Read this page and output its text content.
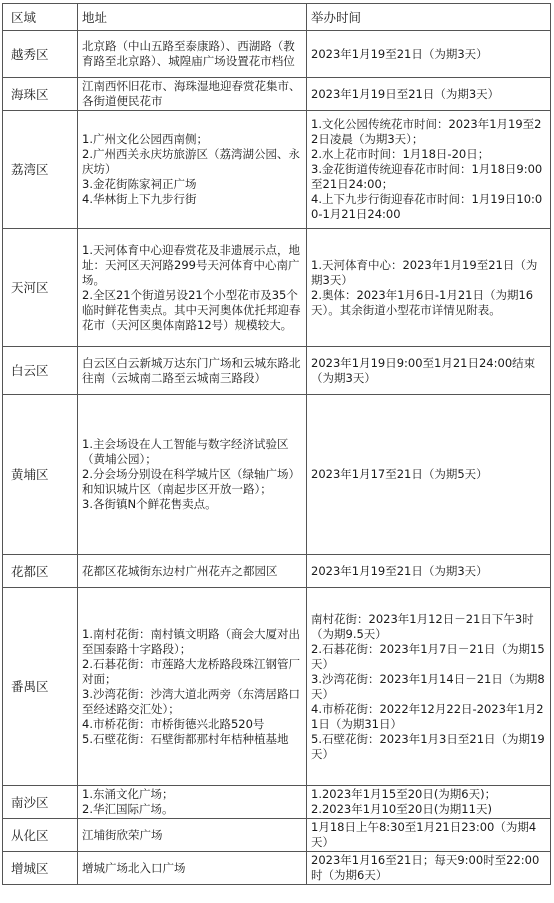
区域	地址	举办时间
越秀区	北京路（中山五路至泰康路）、西湖路（教育路至北京路）、城隍庙广场设置花市档位	2023年1月19至21日（为期3天）

海珠区	江南西怀旧花市、海珠湿地迎春赏花集市、各街道便民花市	2023年1月19日至21日（为期3天）

荔湾区	1.广州文化公园西南侧；
2.广州西关永庆坊旅游区（荔湾湖公园、永庆坊）
3.金花街陈家祠正广场
4.华林街上下九步行街	1.文化公园传统花市时间：2023年1月19至22日凌晨（为期3天）；
2.水上花市时间：1月18日-20日；
3.金花街道传统迎春花市时间：1月18日9:00至21日24:00；
4.上下九步行街迎春花市时间：1月19日10:00-1月21日24:00

天河区	1.天河体育中心迎春赏花及非遗展示点，地址：天河区天河路299号天河体育中心南广场。
2.全区21个街道另设21个小型花市及35个临时鲜花售卖点。其中天河奥体优托邦迎春花市（天河区奥体南路12号）规模较大。	1.天河体育中心：2023年1月19至21日（为期3天）
2.奥体：2023年1月6日-1月21日（为期16天）。其余街道小型花市详情见附表。

白云区	白云区白云新城万达东门广场和云城东路北往南（云城南二路至云城南三路段）	2023年1月19日9:00至1月21日24:00结束（为期3天）

黄埔区	1.主会场设在人工智能与数字经济试验区（黄埔公园）；
2.分会场分别设在科学城片区（绿轴广场）和知识城片区（南起步区开放一路）；
3.各街镇N个鲜花售卖点。	2023年1月17至21日（为期5天）

花都区	花都区花城街东边村广州花卉之都园区	2023年1月19至21日（为期3天）

番禺区	1.南村花街：南村镇文明路（商会大厦对出至国泰路十字路段）；
2.石碁花街：市莲路大龙桥路段珠江钢管厂对面；
3.沙湾花街：沙湾大道北两旁（东湾居路口至经述路交汇处）；
4.市桥花街：市桥街德兴北路520号
5.石壁花街：石壁街都那村年桔种植基地	南村花街：2023年1月12日－21日下午3时（为期9.5天）
2.石碁花街：2023年1月7日－21日（为期15天）
3.沙湾花街：2023年1月14日－21日（为期8天）
4.市桥花街：2022年12月22日-2023年1月21日（为期31日）
5.石壁花街：2023年1月3日至21日（为期19天）

南沙区	1.东涌文化广场；
2.华汇国际广场。	1.2023年1月15至20日(为期6天)；
2.2023年1月10至20日(为期11天)

从化区	江埔街欣荣广场	1月18日上午8:30至1月21日23:00（为期4天）

增城区	增城广场北入口广场	2023年1月16至21日；每天9:00时至22:00时（为期6天）
